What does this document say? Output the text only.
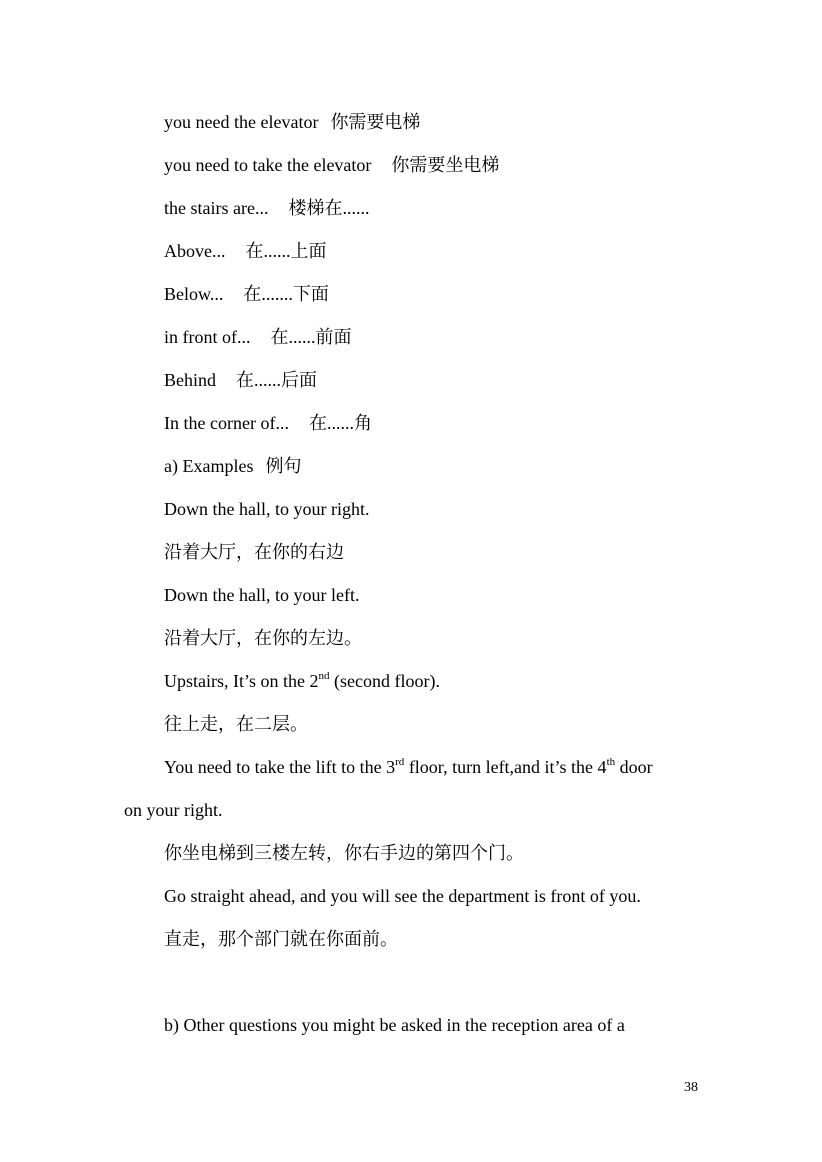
you need the elevator 你需要电梯
you need to take the elevator 你需要坐电梯
the stairs are... 楼梯在......
Above... 在......上面
Below... 在.......下面
in front of... 在......前面
Behind 在......后面
In the corner of... 在......角
a) Examples 例句
Down the hall, to your right.
沿着大厅，在你的右边
Down the hall, to your left.
沿着大厅，在你的左边。
Upstairs, It’s on the 2nd (second floor).
往上走，在二层。
You need to take the lift to the 3rd floor, turn left,and it’s the 4th door
on your right.
你坐电梯到三楼左转，你右手边的第四个门。
Go straight ahead, and you will see the department is front of you.
直走，那个部门就在你面前。
b) Other questions you might be asked in the reception area of a
38
